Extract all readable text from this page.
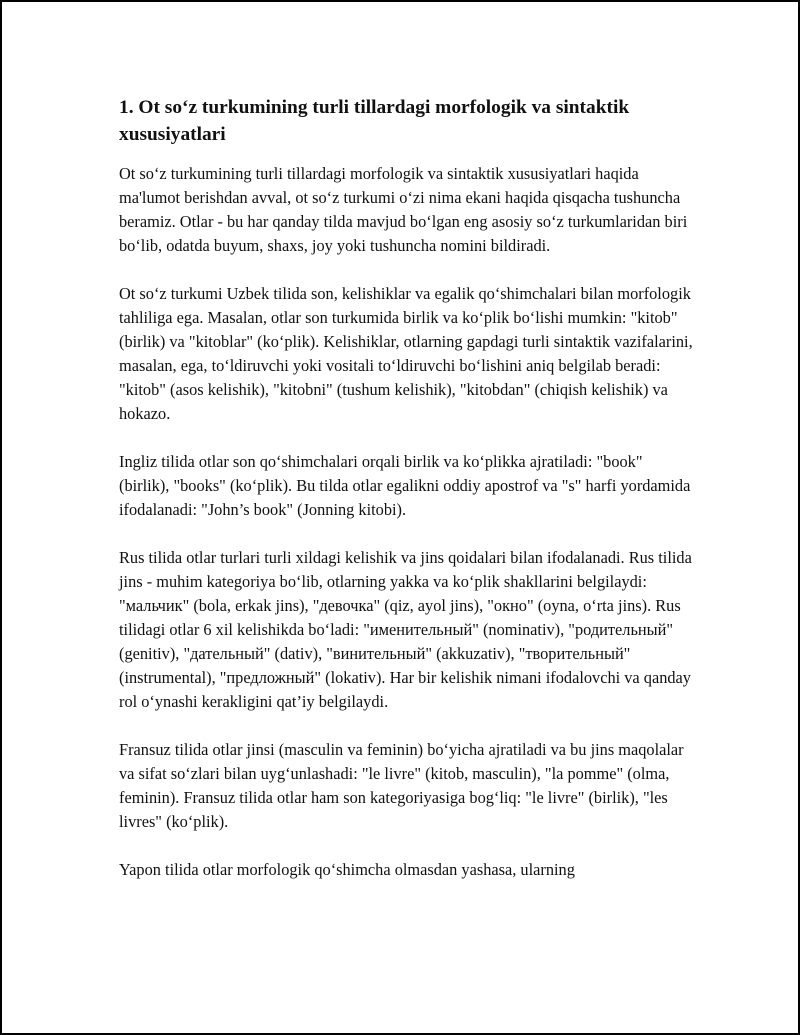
1. Ot so‘z turkumining turli tillardagi morfologik va sintaktik xususiyatlari

Ot so‘z turkumining turli tillardagi morfologik va sintaktik xususiyatlari haqida ma'lumot berishdan avval, ot so‘z turkumi o‘zi nima ekani haqida qisqacha tushuncha beramiz. Otlar - bu har qanday tilda mavjud bo‘lgan eng asosiy so‘z turkumlaridan biri bo‘lib, odatda buyum, shaxs, joy yoki tushuncha nomini bildiradi.

Ot so‘z turkumi Uzbek tilida son, kelishiklar va egalik qo‘shimchalari bilan morfologik tahliliga ega. Masalan, otlar son turkumida birlik va ko‘plik bo‘lishi mumkin: "kitob" (birlik) va "kitoblar" (ko‘plik). Kelishiklar, otlarning gapdagi turli sintaktik vazifalarini, masalan, ega, to‘ldiruvchi yoki vositali to‘ldiruvchi bo‘lishini aniq belgilab beradi: "kitob" (asos kelishik), "kitobni" (tushum kelishik), "kitobdan" (chiqish kelishik) va hokazo.

Ingliz tilida otlar son qo‘shimchalari orqali birlik va ko‘plikka ajratiladi: "book" (birlik), "books" (ko‘plik). Bu tilda otlar egalikni oddiy apostrof va "s" harfi yordamida ifodalanadi: "John’s book" (Jonning kitobi).

Rus tilida otlar turlari turli xildagi kelishik va jins qoidalari bilan ifodalanadi. Rus tilida jins - muhim kategoriya bo‘lib, otlarning yakka va ko‘plik shakllarini belgilaydi: "мальчик" (bola, erkak jins), "девочка" (qiz, ayol jins), "окно" (oyna, o‘rta jins). Rus tilidagi otlar 6 xil kelishikda bo‘ladi: "именительный" (nominativ), "родительный" (genitiv), "дательный" (dativ), "винительный" (akkuzativ), "творительный" (instrumental), "предложный" (lokativ). Har bir kelishik nimani ifodalovchi va qanday rol o‘ynashi kerakligini qat’iy belgilaydi.

Fransuz tilida otlar jinsi (masculin va feminin) bo‘yicha ajratiladi va bu jins maqolalar va sifat so‘zlari bilan uyg‘unlashadi: "le livre" (kitob, masculin), "la pomme" (olma, feminin). Fransuz tilida otlar ham son kategoriyasiga bog‘liq: "le livre" (birlik), "les livres" (ko‘plik).

Yapon tilida otlar morfologik qo‘shimcha olmasdan yashasa, ularning
